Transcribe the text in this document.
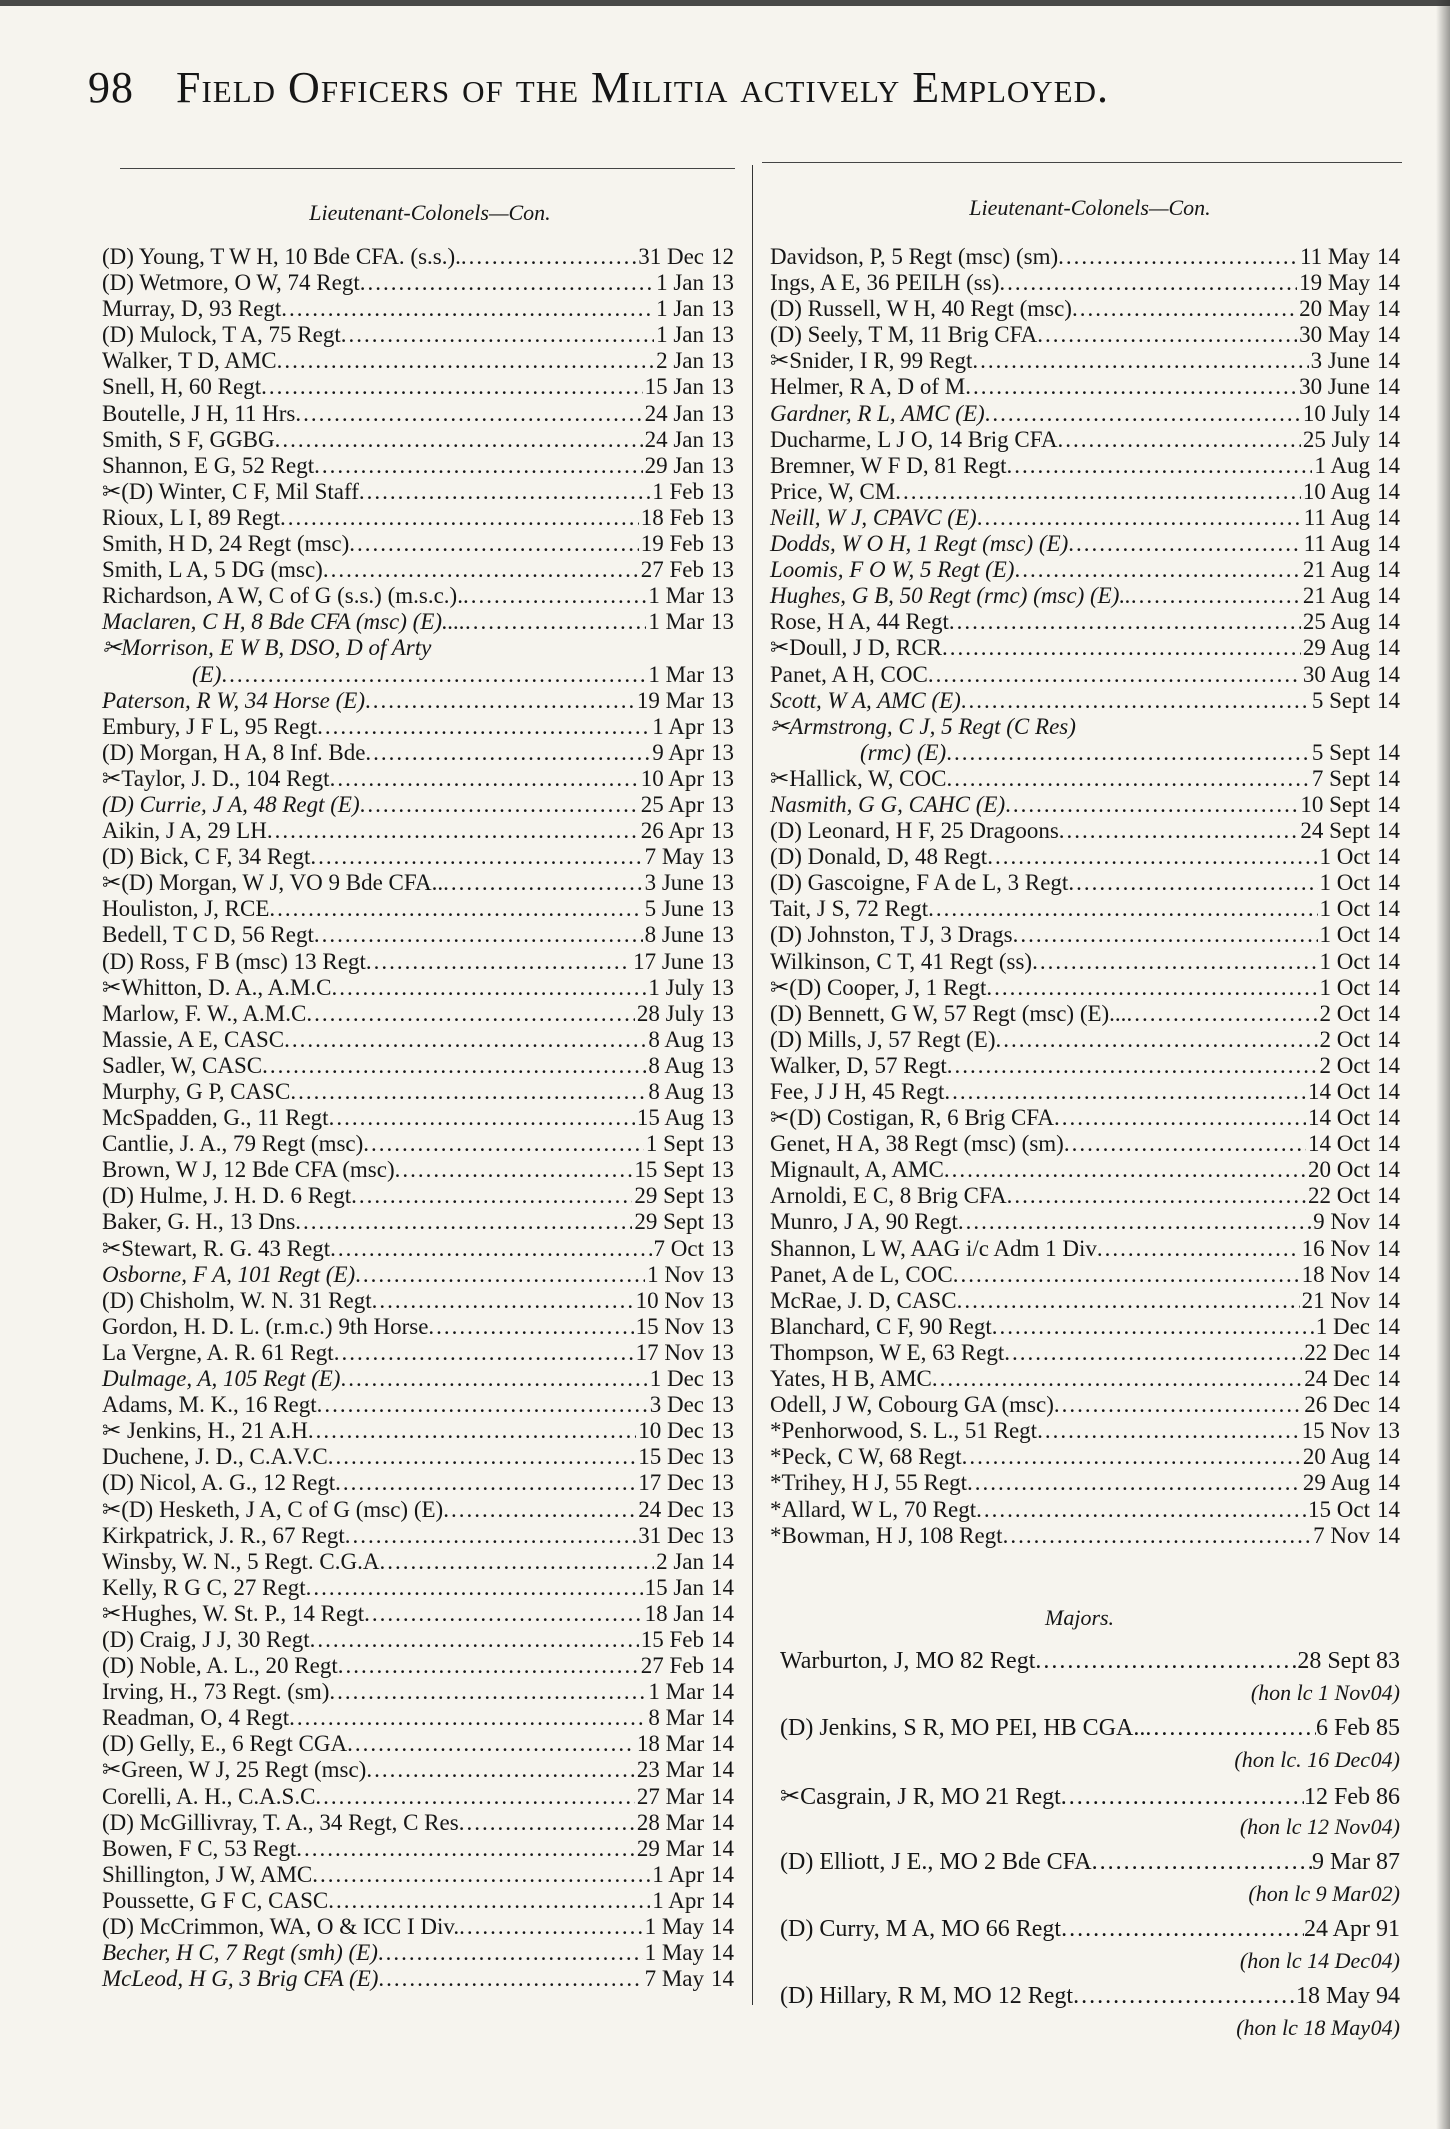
98 Field Officers of the Militia actively Employed.
Lieutenant-Colonels—Con.	Lieutenant-Colonels—Con.
(D) Young, T W H, 10 Bde CFA. (s.s.). .....	31 Dec 12
(D) Wetmore, O W, 74 Regt .....	1 Jan 13
Murray, D, 93 Regt .....	1 Jan 13
(D) Mulock, T A, 75 Regt .....	1 Jan 13
Walker, T D, AMC .....	2 Jan 13
Snell, H, 60 Regt .....	15 Jan 13
Boutelle, J H, 11 Hrs .....	24 Jan 13
Smith, S F, GGBG .....	24 Jan 13
Shannon, E G, 52 Regt .....	29 Jan 13
✂(D) Winter, C F, Mil Staff .....	1 Feb 13
Rioux, L I, 89 Regt .....	18 Feb 13
Smith, H D, 24 Regt (msc) .....	19 Feb 13
Smith, L A, 5 DG (msc) .....	27 Feb 13
Richardson, A W, C of G (s.s.) (m.s.c.). .....	1 Mar 13
Maclaren, C H, 8 Bde CFA (msc) (E).... .....	1 Mar 13
✂Morrison, E W B, DSO, D of Arty
(E) .....	1 Mar 13
Paterson, R W, 34 Horse (E) .....	19 Mar 13
Embury, J F L, 95 Regt .....	1 Apr 13
(D) Morgan, H A, 8 Inf. Bde .....	9 Apr 13
✂Taylor, J. D., 104 Regt .....	10 Apr 13
(D) Currie, J A, 48 Regt (E) .....	25 Apr 13
Aikin, J A, 29 LH .....	26 Apr 13
(D) Bick, C F, 34 Regt .....	7 May 13
✂(D) Morgan, W J, VO 9 Bde CFA.. .....	3 June 13
Houliston, J, RCE .....	5 June 13
Bedell, T C D, 56 Regt .....	8 June 13
(D) Ross, F B (msc) 13 Regt .....	17 June 13
✂Whitton, D. A., A.M.C .....	1 July 13
Marlow, F. W., A.M.C .....	28 July 13
Massie, A E, CASC .....	8 Aug 13
Sadler, W, CASC .....	8 Aug 13
Murphy, G P, CASC .....	8 Aug 13
McSpadden, G., 11 Regt .....	15 Aug 13
Cantlie, J. A., 79 Regt (msc) .....	1 Sept 13
Brown, W J, 12 Bde CFA (msc) .....	15 Sept 13
(D) Hulme, J. H. D. 6 Regt .....	29 Sept 13
Baker, G. H., 13 Dns .....	29 Sept 13
✂Stewart, R. G. 43 Regt .....	7 Oct 13
Osborne, F A, 101 Regt (E) .....	1 Nov 13
(D) Chisholm, W. N. 31 Regt .....	10 Nov 13
Gordon, H. D. L. (r.m.c.) 9th Horse .....	15 Nov 13
La Vergne, A. R. 61 Regt .....	17 Nov 13
Dulmage, A, 105 Regt (E) .....	1 Dec 13
Adams, M. K., 16 Regt .....	3 Dec 13
✂ Jenkins, H., 21 A.H .....	10 Dec 13
Duchene, J. D., C.A.V.C .....	15 Dec 13
(D) Nicol, A. G., 12 Regt .....	17 Dec 13
✂(D) Hesketh, J A, C of G (msc) (E) .....	24 Dec 13
Kirkpatrick, J. R., 67 Regt .....	31 Dec 13
Winsby, W. N., 5 Regt. C.G.A .....	2 Jan 14
Kelly, R G C, 27 Regt .....	15 Jan 14
✂Hughes, W. St. P., 14 Regt .....	18 Jan 14
(D) Craig, J J, 30 Regt .....	15 Feb 14
(D) Noble, A. L., 20 Regt .....	27 Feb 14
Irving, H., 73 Regt. (sm) .....	1 Mar 14
Readman, O, 4 Regt .....	8 Mar 14
(D) Gelly, E., 6 Regt CGA .....	18 Mar 14
✂Green, W J, 25 Regt (msc) .....	23 Mar 14
Corelli, A. H., C.A.S.C .....	27 Mar 14
(D) McGillivray, T. A., 34 Regt, C Res .....	28 Mar 14
Bowen, F C, 53 Regt .....	29 Mar 14
Shillington, J W, AMC .....	1 Apr 14
Poussette, G F C, CASC .....	1 Apr 14
(D) McCrimmon, WA, O & ICC I Div. .....	1 May 14
Becher, H C, 7 Regt (smh) (E) .....	1 May 14
McLeod, H G, 3 Brig CFA (E) .....	7 May 14
Davidson, P, 5 Regt (msc) (sm) .....	11 May 14
Ings, A E, 36 PEILH (ss) .....	19 May 14
(D) Russell, W H, 40 Regt (msc) .....	20 May 14
(D) Seely, T M, 11 Brig CFA .....	30 May 14
✂Snider, I R, 99 Regt .....	3 June 14
Helmer, R A, D of M .....	30 June 14
Gardner, R L, AMC (E) .....	10 July 14
Ducharme, L J O, 14 Brig CFA .....	25 July 14
Bremner, W F D, 81 Regt .....	1 Aug 14
Price, W, CM .....	10 Aug 14
Neill, W J, CPAVC (E) .....	11 Aug 14
Dodds, W O H, 1 Regt (msc) (E) .....	11 Aug 14
Loomis, F O W, 5 Regt (E) .....	21 Aug 14
Hughes, G B, 50 Regt (rmc) (msc) (E).. .....	21 Aug 14
Rose, H A, 44 Regt .....	25 Aug 14
✂Doull, J D, RCR .....	29 Aug 14
Panet, A H, COC .....	30 Aug 14
Scott, W A, AMC (E) .....	5 Sept 14
✂Armstrong, C J, 5 Regt (C Res)
(rmc) (E) .....	5 Sept 14
✂Hallick, W, COC .....	7 Sept 14
Nasmith, G G, CAHC (E) .....	10 Sept 14
(D) Leonard, H F, 25 Dragoons .....	24 Sept 14
(D) Donald, D, 48 Regt .....	1 Oct 14
(D) Gascoigne, F A de L, 3 Regt .....	1 Oct 14
Tait, J S, 72 Regt .....	1 Oct 14
(D) Johnston, T J, 3 Drags .....	1 Oct 14
Wilkinson, C T, 41 Regt (ss) .....	1 Oct 14
✂(D) Cooper, J, 1 Regt .....	1 Oct 14
(D) Bennett, G W, 57 Regt (msc) (E)... .....	2 Oct 14
(D) Mills, J, 57 Regt (E) .....	2 Oct 14
Walker, D, 57 Regt .....	2 Oct 14
Fee, J J H, 45 Regt .....	14 Oct 14
✂(D) Costigan, R, 6 Brig CFA .....	14 Oct 14
Genet, H A, 38 Regt (msc) (sm) .....	14 Oct 14
Mignault, A, AMC .....	20 Oct 14
Arnoldi, E C, 8 Brig CFA .....	22 Oct 14
Munro, J A, 90 Regt .....	9 Nov 14
Shannon, L W, AAG i/c Adm 1 Div .....	16 Nov 14
Panet, A de L, COC .....	18 Nov 14
McRae, J. D, CASC .....	21 Nov 14
Blanchard, C F, 90 Regt .....	1 Dec 14
Thompson, W E, 63 Regt .....	22 Dec 14
Yates, H B, AMC .....	24 Dec 14
Odell, J W, Cobourg GA (msc) .....	26 Dec 14
*Penhorwood, S. L., 51 Regt .....	15 Nov 13
*Peck, C W, 68 Regt .....	20 Aug 14
*Trihey, H J, 55 Regt .....	29 Aug 14
*Allard, W L, 70 Regt .....	15 Oct 14
*Bowman, H J, 108 Regt .....	7 Nov 14
Majors.
Warburton, J, MO 82 Regt .....	28 Sept 83
(hon lc 1 Nov 04)
(D) Jenkins, S R, MO PEI, HB CGA.. .....	6 Feb 85
(hon lc. 16 Dec 04)
✂Casgrain, J R, MO 21 Regt .....	12 Feb 86
(hon lc 12 Nov 04)
(D) Elliott, J E., MO 2 Bde CFA .....	9 Mar 87
(hon lc 9 Mar 02)
(D) Curry, M A, MO 66 Regt .....	24 Apr 91
(hon lc 14 Dec 04)
(D) Hillary, R M, MO 12 Regt .....	18 May 94
(hon lc 18 May 04)
